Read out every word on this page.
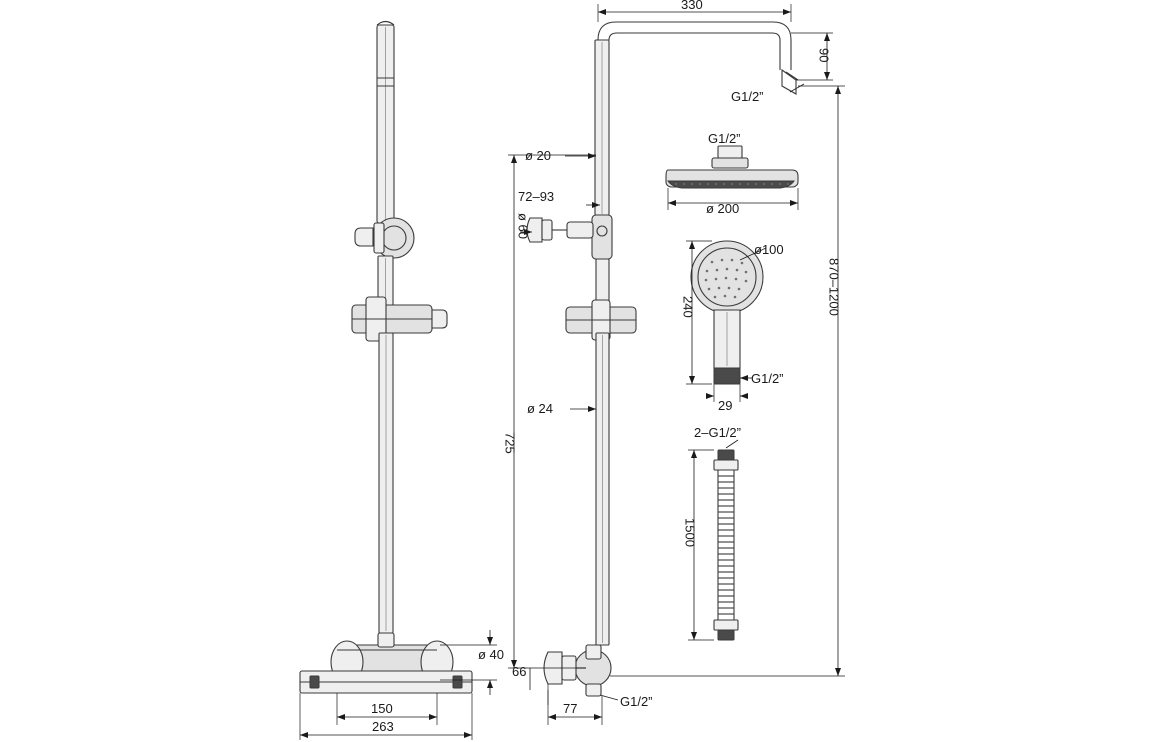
ø 40
150
263
ø 20
72–93
ø 60
ø 24
725
66
77	G1/2”
330
90
G1/2”
870–1200
G1/2”
ø 200
ø100
240
29
G1/2”
2–G1/2”
1500
